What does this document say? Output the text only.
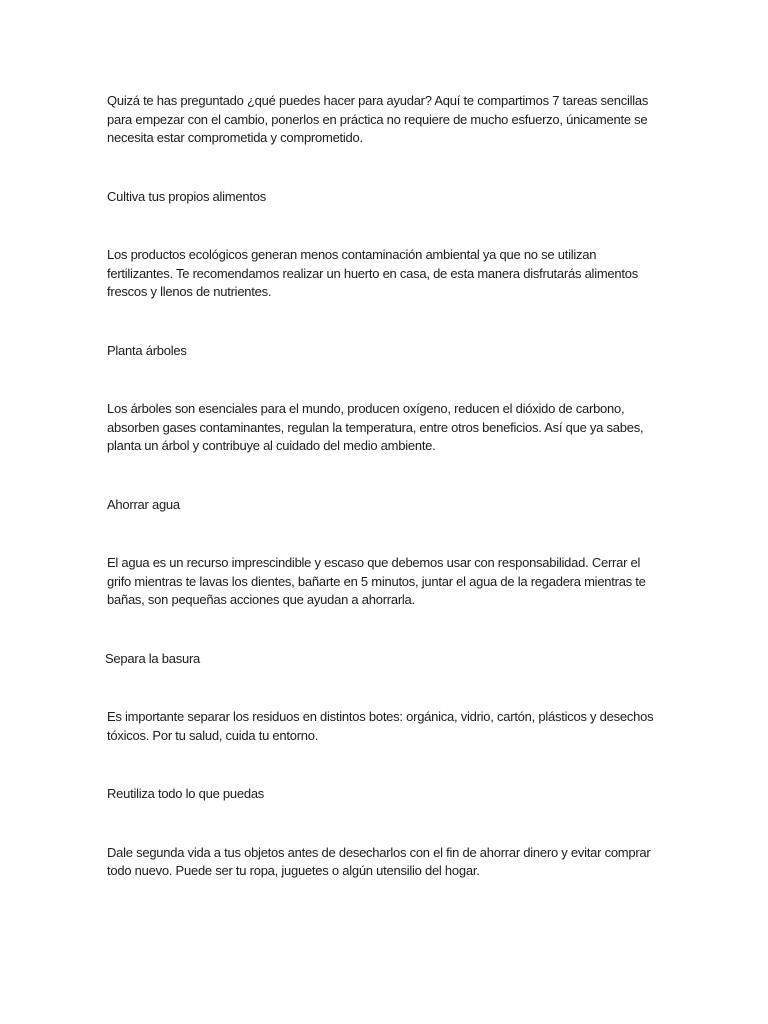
Quizá te has preguntado ¿qué puedes hacer para ayudar? Aquí te compartimos 7 tareas sencillas
para empezar con el cambio, ponerlos en práctica no requiere de mucho esfuerzo, únicamente se
necesita estar comprometida y comprometido.
Cultiva tus propios alimentos
Los productos ecológicos generan menos contaminación ambiental ya que no se utilizan
fertilizantes. Te recomendamos realizar un huerto en casa, de esta manera disfrutarás alimentos
frescos y llenos de nutrientes.
Planta árboles
Los árboles son esenciales para el mundo, producen oxígeno, reducen el dióxido de carbono,
absorben gases contaminantes, regulan la temperatura, entre otros beneficios. Así que ya sabes,
planta un árbol y contribuye al cuidado del medio ambiente.
Ahorrar agua
El agua es un recurso imprescindible y escaso que debemos usar con responsabilidad. Cerrar el
grifo mientras te lavas los dientes, bañarte en 5 minutos, juntar el agua de la regadera mientras te
bañas, son pequeñas acciones que ayudan a ahorrarla.
Separa la basura
Es importante separar los residuos en distintos botes: orgánica, vidrio, cartón, plásticos y desechos
tóxicos. Por tu salud, cuida tu entorno.
Reutiliza todo lo que puedas
Dale segunda vida a tus objetos antes de desecharlos con el fin de ahorrar dinero y evitar comprar
todo nuevo. Puede ser tu ropa, juguetes o algún utensilio del hogar.
